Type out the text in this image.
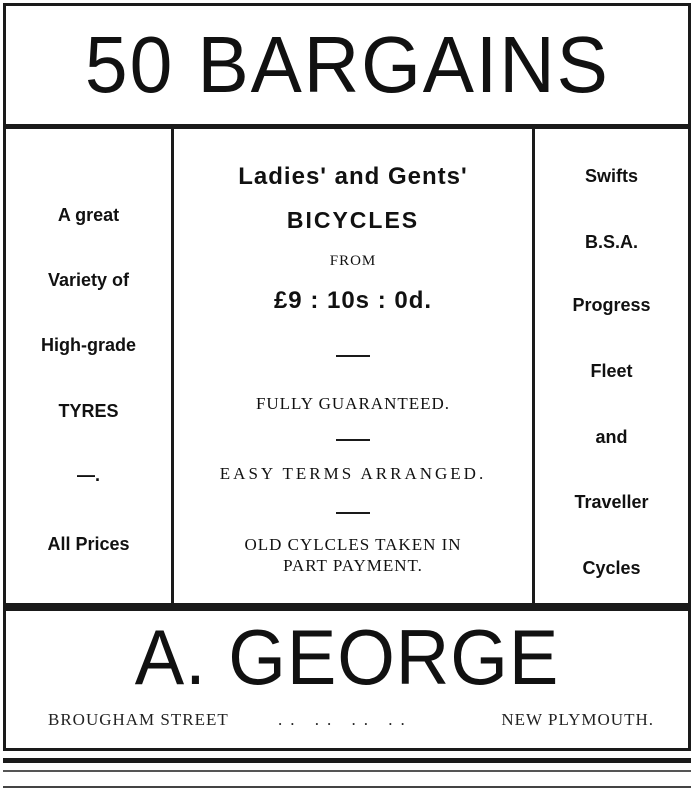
50 BARGAINS
A great
Variety of
High-grade
TYRES
—.
All Prices
Ladies' and Gents'
BICYCLES
FROM
£9 : 10s : 0d.
FULLY GUARANTEED.
EASY TERMS ARRANGED.
OLD CYLCLES TAKEN IN
PART PAYMENT.
Swifts
B.S.A.
Progress
Fleet
and
Traveller
Cycles
A. GEORGE
BROUGHAM STREET	.. .. .. ..	NEW PLYMOUTH.
